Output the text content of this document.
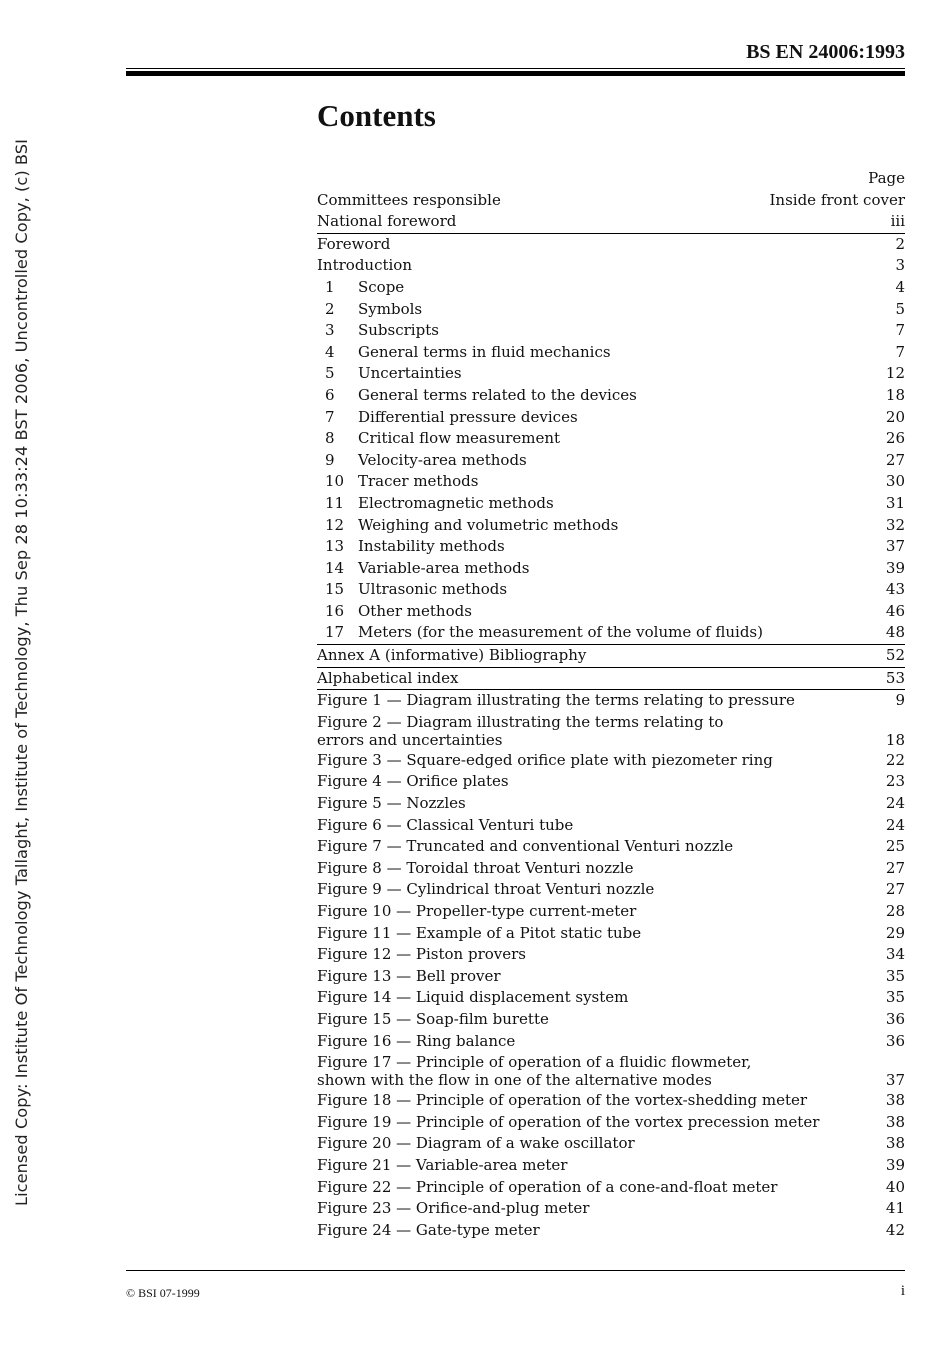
Licensed Copy: Institute Of Technology Tallaght, Institute of Technology, Thu Sep 28 10:33:24 BST 2006, Uncontrolled Copy, (c) BSI
BS EN 24006:1993
Contents
Page
Committees responsible	Inside front cover
National foreword	iii
Foreword	2
Introduction	3
1	Scope	4
2	Symbols	5
3	Subscripts	7
4	General terms in fluid mechanics	7
5	Uncertainties	12
6	General terms related to the devices	18
7	Differential pressure devices	20
8	Critical flow measurement	26
9	Velocity-area methods	27
10 Tracer methods	30
11 Electromagnetic methods	31
12 Weighing and volumetric methods	32
13 Instability methods	37
14 Variable-area methods	39
15 Ultrasonic methods	43
16 Other methods	46
17 Meters (for the measurement of the volume of fluids)	48
Annex A (informative) Bibliography	52
Alphabetical index	53
Figure 1 — Diagram illustrating the terms relating to pressure	9
Figure 2 — Diagram illustrating the terms relating to
errors and uncertainties	18
Figure 3 — Square-edged orifice plate with piezometer ring	22
Figure 4 — Orifice plates	23
Figure 5 — Nozzles	24
Figure 6 — Classical Venturi tube	24
Figure 7 — Truncated and conventional Venturi nozzle	25
Figure 8 — Toroidal throat Venturi nozzle	27
Figure 9 — Cylindrical throat Venturi nozzle	27
Figure 10 — Propeller-type current-meter	28
Figure 11 — Example of a Pitot static tube	29
Figure 12 — Piston provers	34
Figure 13 — Bell prover	35
Figure 14 — Liquid displacement system	35
Figure 15 — Soap-film burette	36
Figure 16 — Ring balance	36
Figure 17 — Principle of operation of a fluidic flowmeter,
shown with the flow in one of the alternative modes	37
Figure 18 — Principle of operation of the vortex-shedding meter	38
Figure 19 — Principle of operation of the vortex precession meter	38
Figure 20 — Diagram of a wake oscillator	38
Figure 21 — Variable-area meter	39
Figure 22 — Principle of operation of a cone-and-float meter	40
Figure 23 — Orifice-and-plug meter	41
Figure 24 — Gate-type meter	42
© BSI 07-1999	i
